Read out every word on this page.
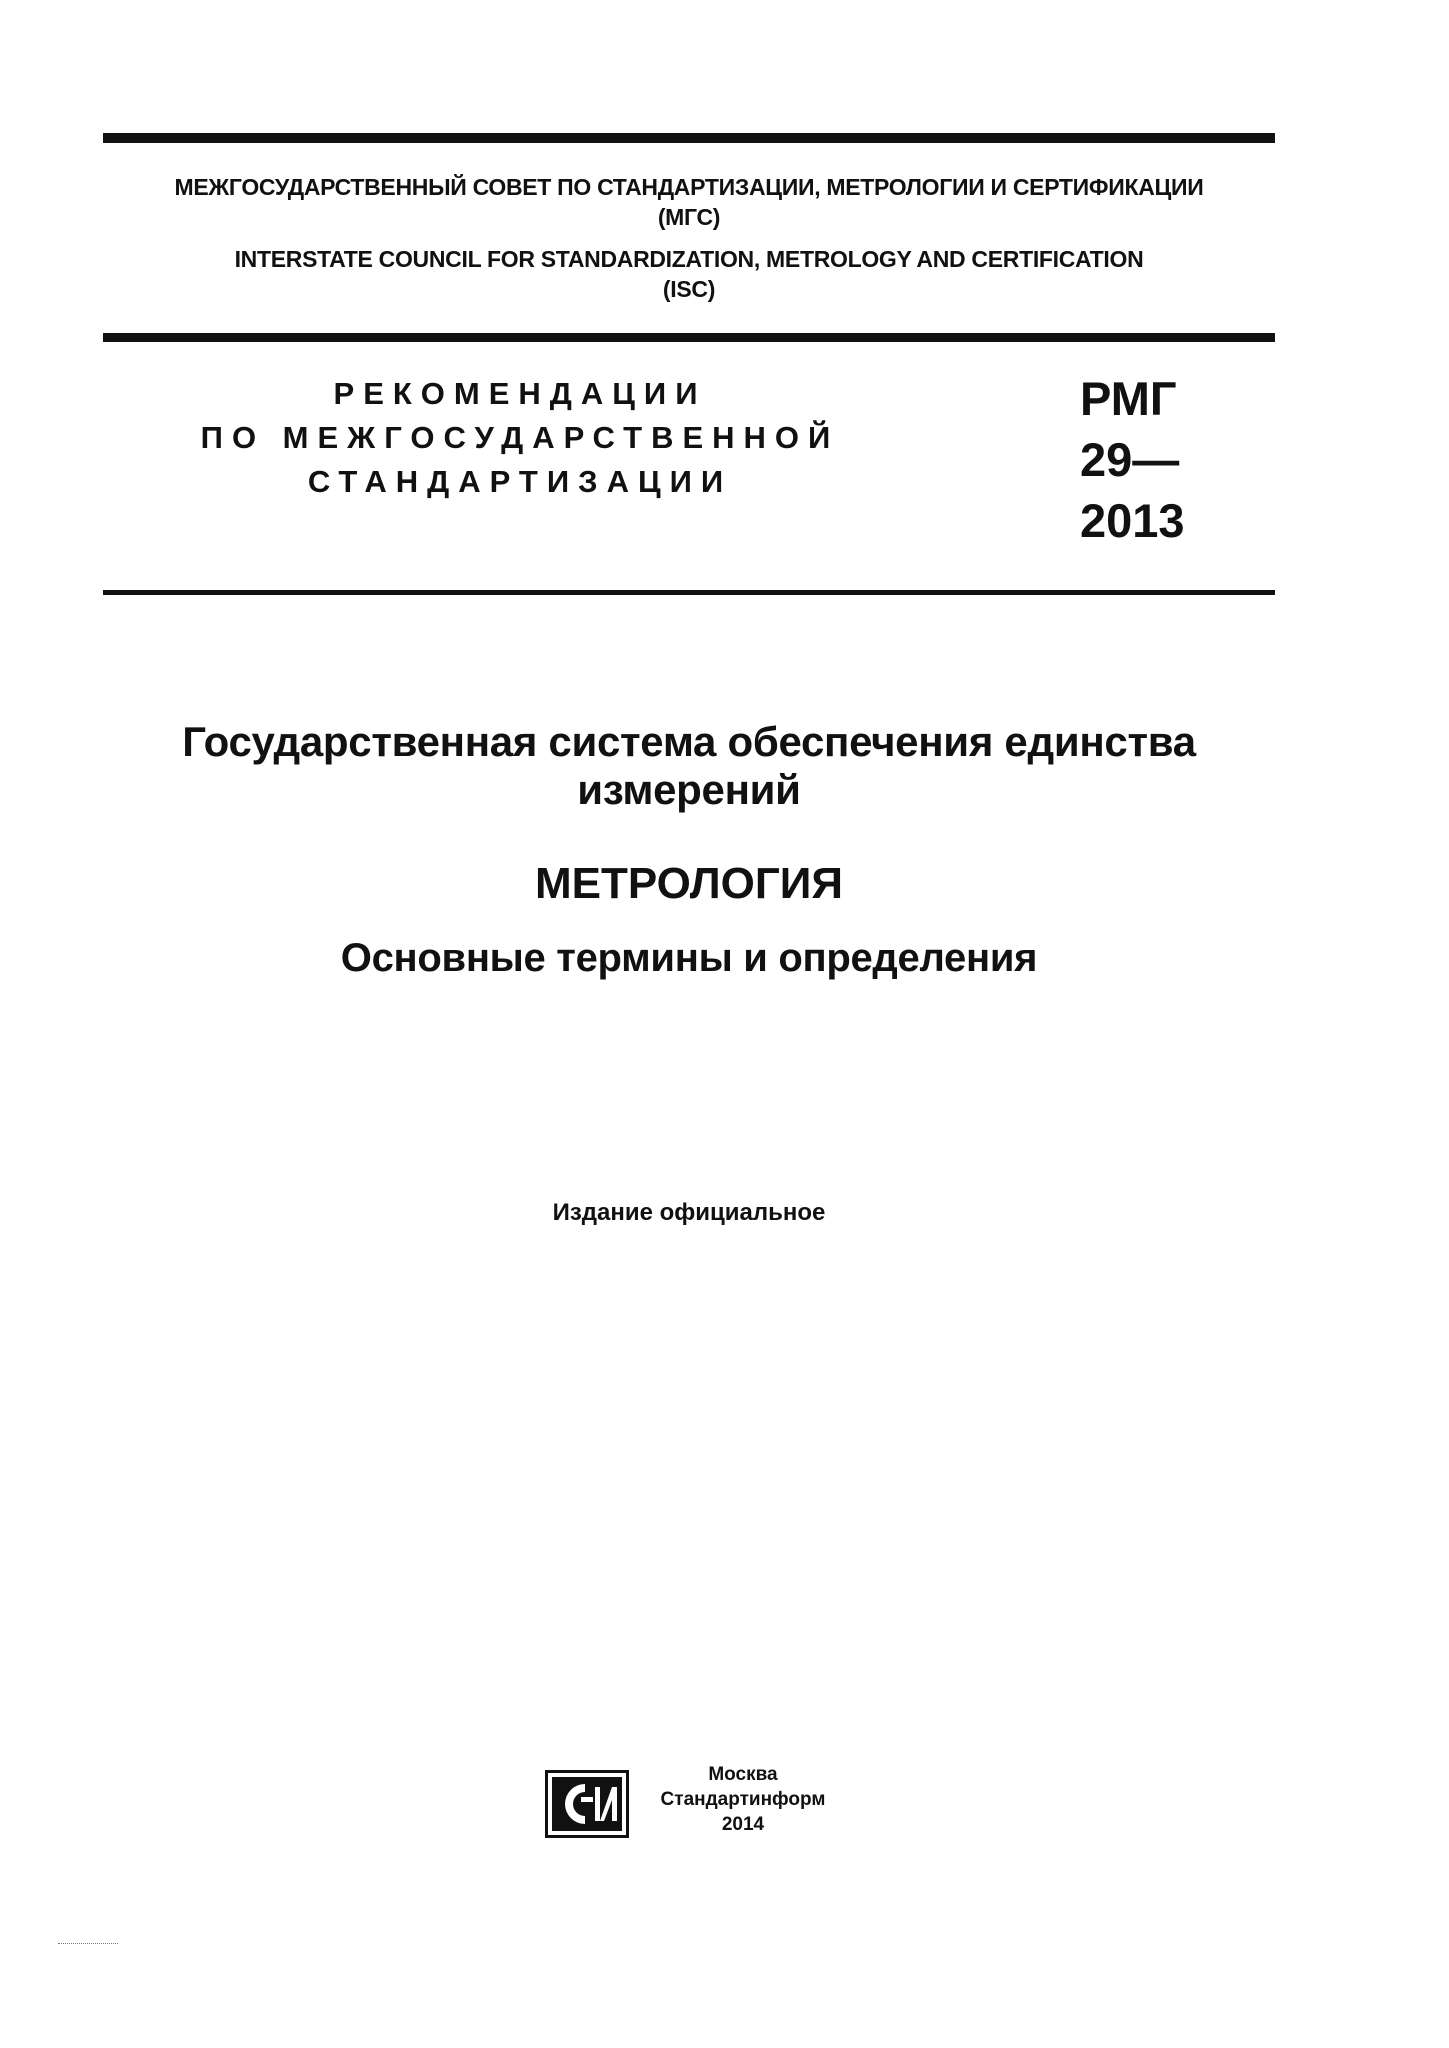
МЕЖГОСУДАРСТВЕННЫЙ СОВЕТ ПО СТАНДАРТИЗАЦИИ, МЕТРОЛОГИИ И СЕРТИФИКАЦИИ
(МГС)
INTERSTATE COUNCIL FOR STANDARDIZATION, METROLOGY AND CERTIFICATION
(ISC)
РЕКОМЕНДАЦИИ
ПО МЕЖГОСУДАРСТВЕННОЙ
СТАНДАРТИЗАЦИИ
РМГ
29—
2013
Государственная система обеспечения единства
измерений
МЕТРОЛОГИЯ
Основные термины и определения
Издание официальное
Москва
Стандартинформ
2014
